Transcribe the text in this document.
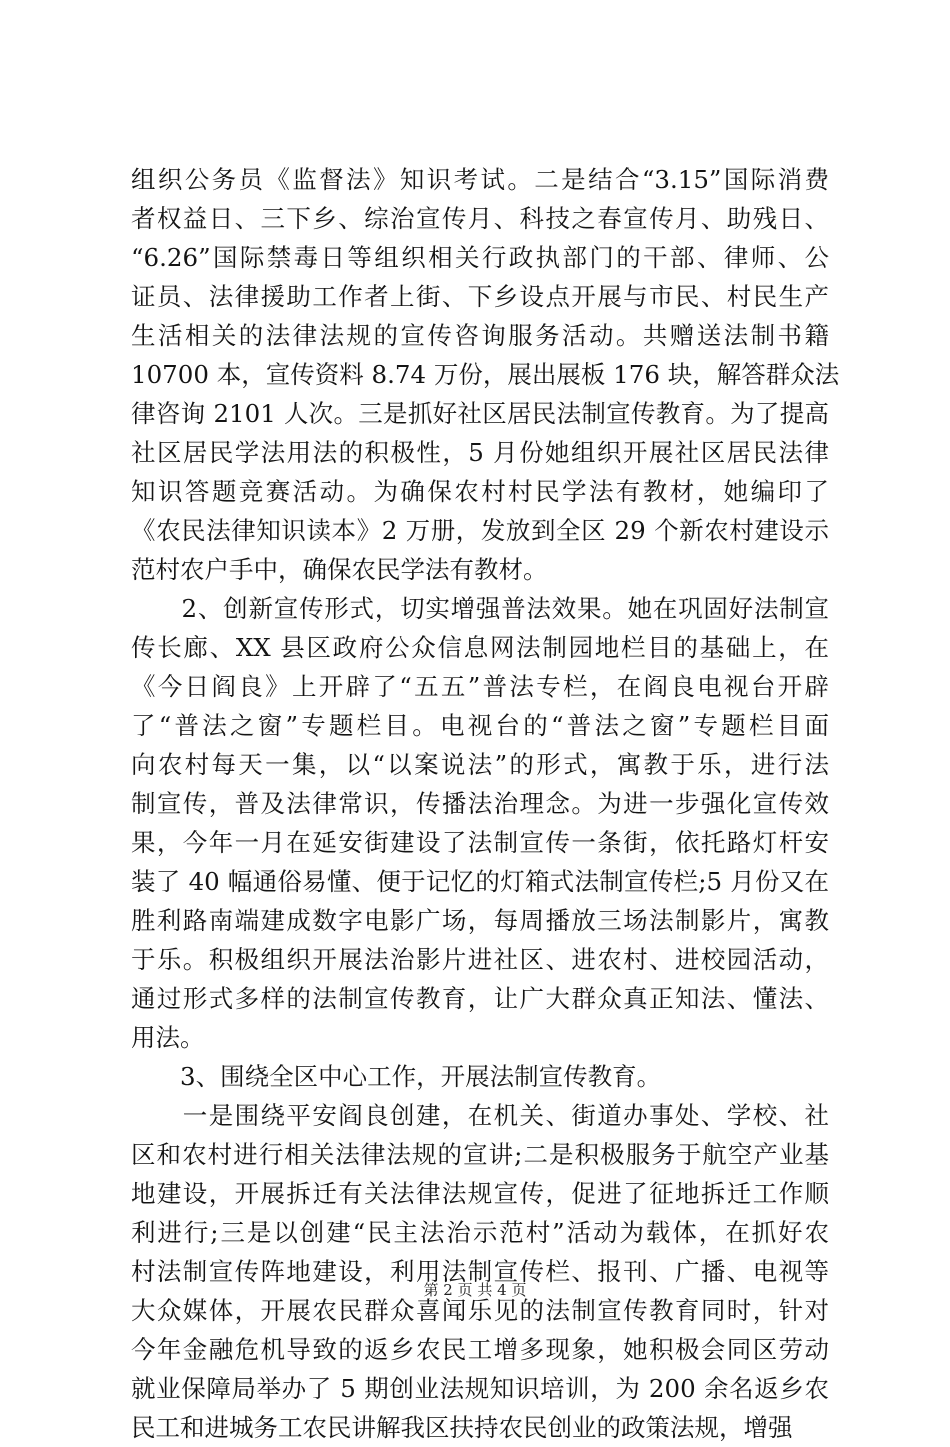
组织公务员《监督法》知识考试。二是结合“3.15”国际消费
者权益日、三下乡、综治宣传月、科技之春宣传月、助残日、
“6.26”国际禁毒日等组织相关行政执部门的干部、律师、公
证员、法律援助工作者上街、下乡设点开展与市民、村民生产
生活相关的法律法规的宣传咨询服务活动。共赠送法制书籍
10700 本，宣传资料 8.74 万份，展出展板 176 块，解答群众法
律咨询 2101 人次。三是抓好社区居民法制宣传教育。为了提高
社区居民学法用法的积极性，5 月份她组织开展社区居民法律
知识答题竞赛活动。为确保农村村民学法有教材，她编印了
《农民法律知识读本》2 万册，发放到全区 29 个新农村建设示
范村农户手中，确保农民学法有教材。
　　2、创新宣传形式，切实增强普法效果。她在巩固好法制宣
传长廊、XX 县区政府公众信息网法制园地栏目的基础上，在
《今日阎良》上开辟了“五五”普法专栏，在阎良电视台开辟
了“普法之窗”专题栏目。电视台的“普法之窗”专题栏目面
向农村每天一集，以“以案说法”的形式，寓教于乐，进行法
制宣传，普及法律常识，传播法治理念。为进一步强化宣传效
果，今年一月在延安街建设了法制宣传一条街，依托路灯杆安
装了 40 幅通俗易懂、便于记忆的灯箱式法制宣传栏;5 月份又在
胜利路南端建成数字电影广场，每周播放三场法制影片，寓教
于乐。积极组织开展法治影片进社区、进农村、进校园活动，
通过形式多样的法制宣传教育，让广大群众真正知法、懂法、
用法。
　　3、围绕全区中心工作，开展法制宣传教育。
　　一是围绕平安阎良创建，在机关、街道办事处、学校、社
区和农村进行相关法律法规的宣讲;二是积极服务于航空产业基
地建设，开展拆迁有关法律法规宣传，促进了征地拆迁工作顺
利进行;三是以创建“民主法治示范村”活动为载体，在抓好农
村法制宣传阵地建设，利用法制宣传栏、报刊、广播、电视等
大众媒体，开展农民群众喜闻乐见的法制宣传教育同时，针对
今年金融危机导致的返乡农民工增多现象，她积极会同区劳动
就业保障局举办了 5 期创业法规知识培训，为 200 余名返乡农
民工和进城务工农民讲解我区扶持农民创业的政策法规，增强
第 2 页 共 4 页
